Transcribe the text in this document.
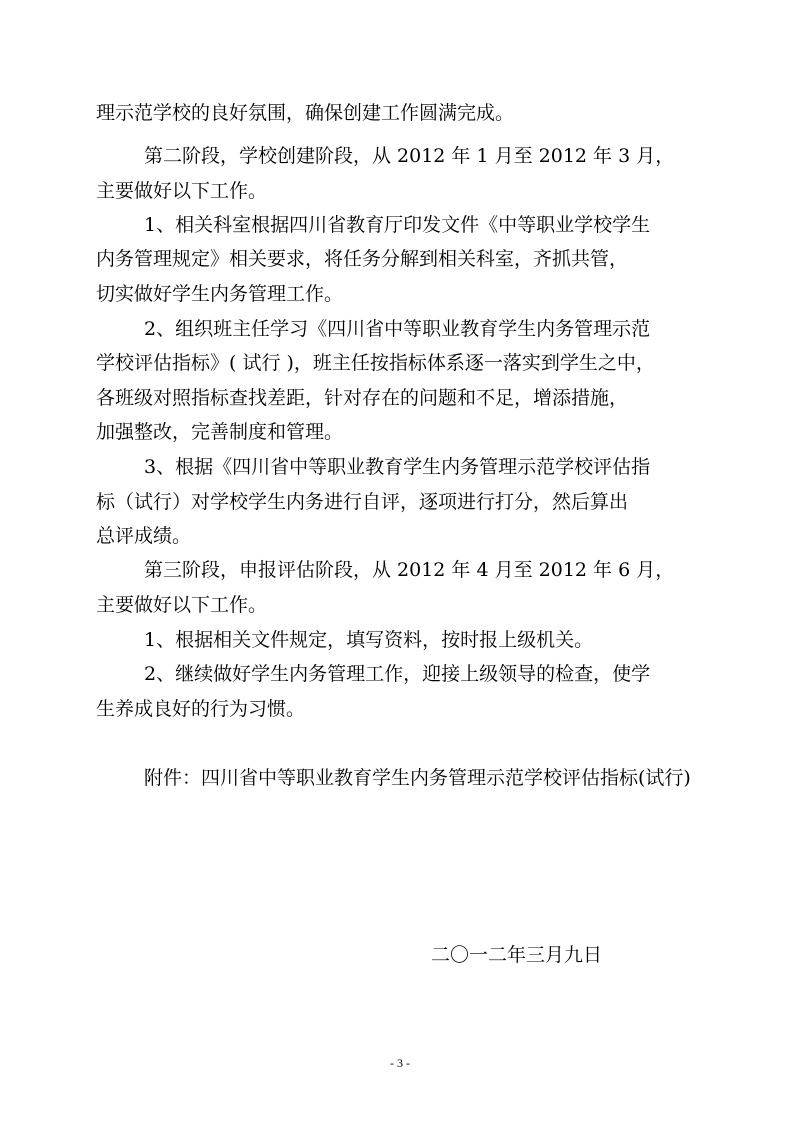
理示范学校的良好氛围，确保创建工作圆满完成。
第二阶段，学校创建阶段，从 2012 年 1 月至 2012 年 3 月，
主要做好以下工作。
1、相关科室根据四川省教育厅印发文件《中等职业学校学生
内务管理规定》相关要求，将任务分解到相关科室，齐抓共管，
切实做好学生内务管理工作。
2、组织班主任学习《四川省中等职业教育学生内务管理示范
学校评估指标》( 试行 )，班主任按指标体系逐一落实到学生之中，
各班级对照指标查找差距，针对存在的问题和不足，增添措施，
加强整改，完善制度和管理。
3、根据《四川省中等职业教育学生内务管理示范学校评估指
标（试行）对学校学生内务进行自评，逐项进行打分，然后算出
总评成绩。
第三阶段，申报评估阶段，从 2012 年 4 月至 2012 年 6 月，
主要做好以下工作。
1、根据相关文件规定，填写资料，按时报上级机关。
2、继续做好学生内务管理工作，迎接上级领导的检查，使学
生养成良好的行为习惯。
附件：四川省中等职业教育学生内务管理示范学校评估指标(试行)
二〇一二年三月九日
- 3 -
